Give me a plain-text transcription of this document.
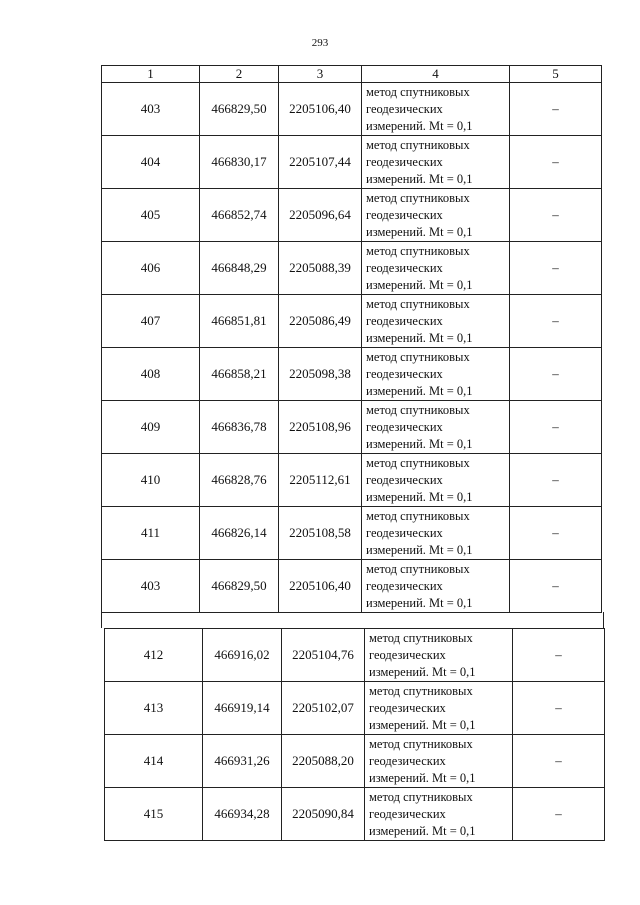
293
1	2	3	4	5
403	466829,50	2205106,40	метод спутниковых
геодезических
измерений. Mt = 0,1	–
404	466830,17	2205107,44	метод спутниковых
геодезических
измерений. Mt = 0,1	–
405	466852,74	2205096,64	метод спутниковых
геодезических
измерений. Mt = 0,1	–
406	466848,29	2205088,39	метод спутниковых
геодезических
измерений. Mt = 0,1	–
407	466851,81	2205086,49	метод спутниковых
геодезических
измерений. Mt = 0,1	–
408	466858,21	2205098,38	метод спутниковых
геодезических
измерений. Mt = 0,1	–
409	466836,78	2205108,96	метод спутниковых
геодезических
измерений. Mt = 0,1	–
410	466828,76	2205112,61	метод спутниковых
геодезических
измерений. Mt = 0,1	–
411	466826,14	2205108,58	метод спутниковых
геодезических
измерений. Mt = 0,1	–
403	466829,50	2205106,40	метод спутниковых
геодезических
измерений. Mt = 0,1	–
412	466916,02	2205104,76	метод спутниковых
геодезических
измерений. Mt = 0,1	–
413	466919,14	2205102,07	метод спутниковых
геодезических
измерений. Mt = 0,1	–
414	466931,26	2205088,20	метод спутниковых
геодезических
измерений. Mt = 0,1	–
415	466934,28	2205090,84	метод спутниковых
геодезических
измерений. Mt = 0,1	–
